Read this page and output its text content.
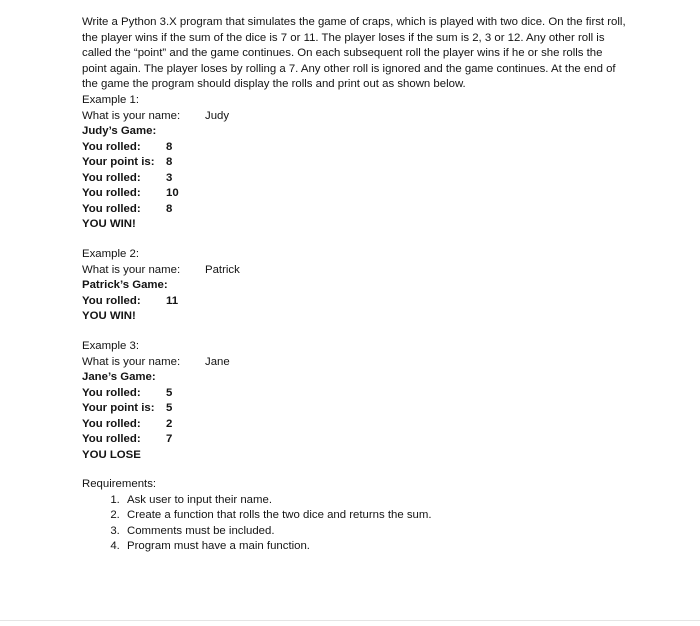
Write a Python 3.X program that simulates the game of craps, which is played with two dice. On the first roll, the player wins if the sum of the dice is 7 or 11. The player loses if the sum is 2, 3 or 12. Any other roll is called the “point” and the game continues. On each subsequent roll the player wins if he or she rolls the point again. The player loses by rolling a 7. Any other roll is ignored and the game continues. At the end of the game the program should display the rolls and print out as shown below.

Example 1:
What is your name: Judy
Judy’s Game:
You rolled: 8
Your point is: 8
You rolled: 3
You rolled: 10
You rolled: 8
YOU WIN!
Example 2:
What is your name: Patrick
Patrick’s Game:
You rolled: 11
YOU WIN!
Example 3:
What is your name: Jane
Jane’s Game:
You rolled: 5
Your point is: 5
You rolled: 2
You rolled: 7
YOU LOSE
Requirements:
1. Ask user to input their name.
2. Create a function that rolls the two dice and returns the sum.
3. Comments must be included.
4. Program must have a main function.
